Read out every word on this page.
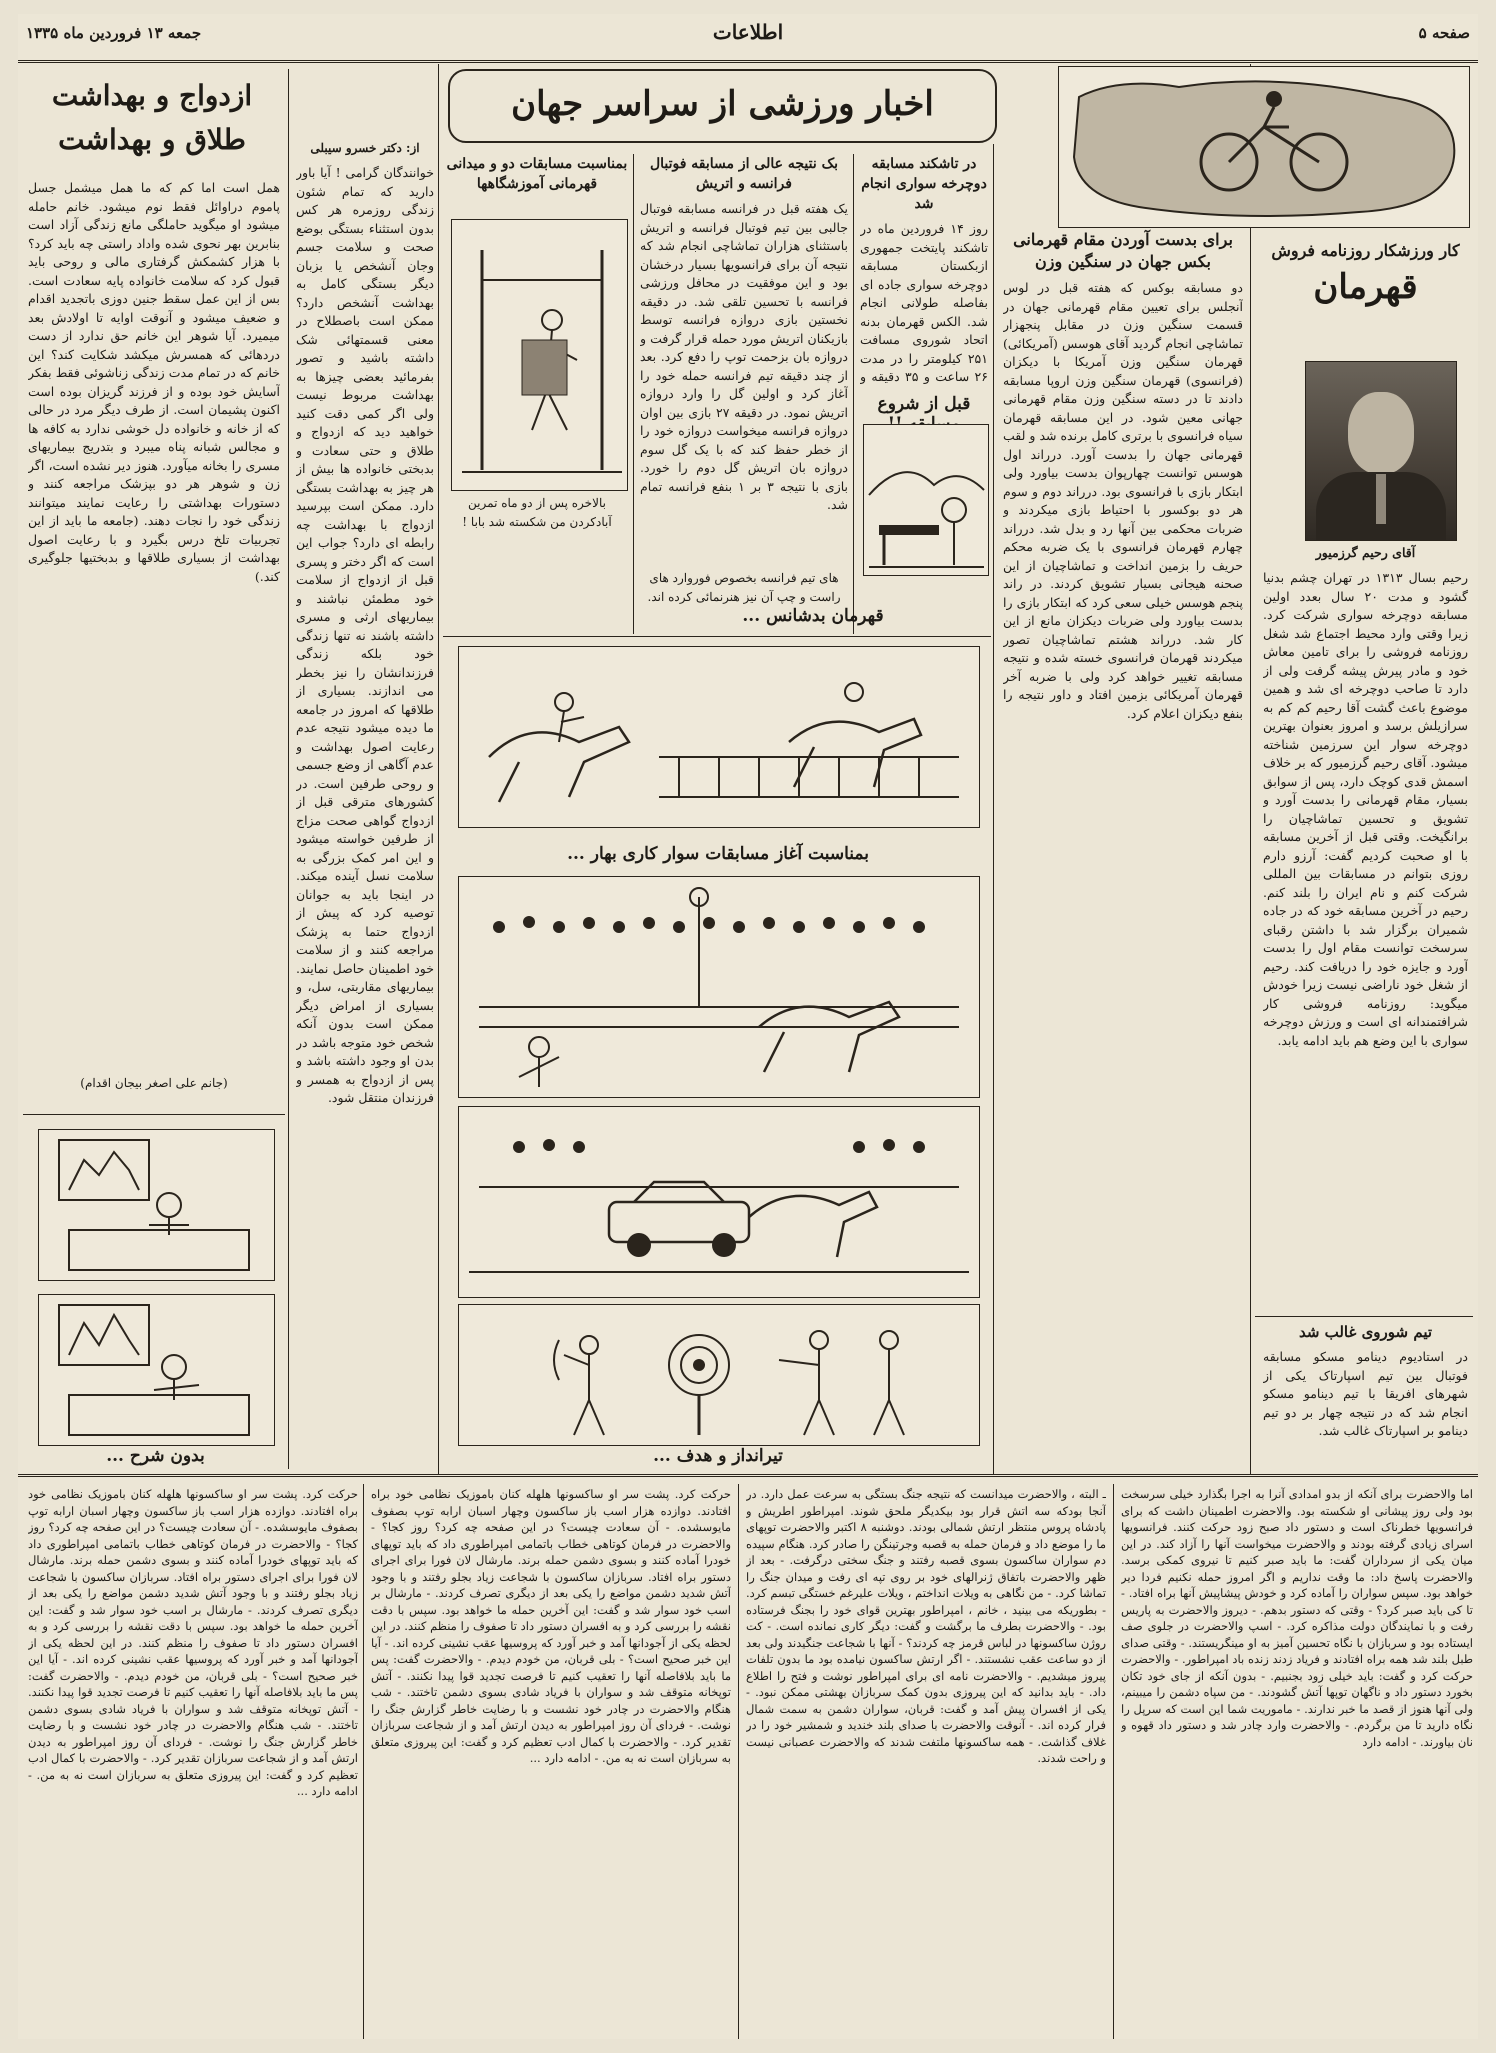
صفحه ۵
اطلاعات
جمعه ۱۳ فروردین ماه ۱۳۳۵
اخبار ورزشی از سراسر جهان
کار ورزشکار روزنامه فروش
قهرمان
آقای رحیم گرزمیور
رحیم بسال ۱۳۱۳ در تهران چشم بدنیا گشود و مدت ۲۰ سال بعدد اولین مسابقه دوچرخه سواری شرکت کرد. زیرا وقتی وارد محیط اجتماع شد شغل روزنامه فروشی را برای تامین معاش خود و مادر پیرش پیشه گرفت ولی از دارد تا صاحب دوچرخه ای شد و همین موضوع باعث گشت آقا رحیم کم کم به سرازیلش برسد و امروز بعنوان بهترین دوچرخه سوار این سرزمین شناخته میشود. آقای رحیم گرزمیور که بر خلاف اسمش قدی کوچک دارد، پس از سوابق بسیار، مقام قهرمانی را بدست آورد و تشویق و تحسین تماشاچیان را برانگیخت. وقتی قبل از آخرین مسابقه با او صحبت کردیم گفت: آرزو دارم روزی بتوانم در مسابقات بین المللی شرکت کنم و نام ایران را بلند کنم. رحیم در آخرین مسابقه خود که در جاده شمیران برگزار شد با داشتن رقبای سرسخت توانست مقام اول را بدست آورد و جایزه خود را دریافت کند. رحیم از شغل خود ناراضی نیست زیرا خودش میگوید: روزنامه فروشی کار شرافتمندانه ای است و ورزش دوچرخه سواری با این وضع هم باید ادامه یابد.
تیم شوروی غالب شد
در استادیوم دینامو مسکو مسابقه فوتبال بین تیم اسپارتاک یکی از شهرهای افریقا با تیم دینامو مسکو انجام شد که در نتیجه چهار بر دو تیم دینامو بر اسپارتاک غالب شد.
برای بدست آوردن مقام قهرمانی بکس جهان در سنگین وزن
دو مسابقه بوکس که هفته قبل در لوس آنجلس برای تعیین مقام قهرمانی جهان در قسمت سنگین وزن در مقابل پنجهزار تماشاچی انجام گردید آقای هوسس (آمریکائی) قهرمان سنگین وزن آمریکا با دیکزان (فرانسوی) قهرمان سنگین وزن اروپا مسابقه دادند تا در دسته سنگین وزن مقام قهرمانی جهانی معین شود. در این مسابقه قهرمان سیاه فرانسوی با برتری کامل برنده شد و لقب قهرمانی جهان را بدست آورد. درراند اول هوسس توانست چهارپوان بدست بیاورد ولی ابتکار بازی با فرانسوی بود. درراند دوم و سوم هر دو بوکسور با احتیاط بازی میکردند و ضربات محکمی بین آنها رد و بدل شد. درراند چهارم قهرمان فرانسوی با یک ضربه محکم حریف را بزمین انداخت و تماشاچیان از این صحنه هیجانی بسیار تشویق کردند. در راند پنجم هوسس خیلی سعی کرد که ابتکار بازی را بدست بیاورد ولی ضربات دیکزان مانع از این کار شد. درراند هشتم تماشاچیان تصور میکردند قهرمان فرانسوی خسته شده و نتیجه مسابقه تغییر خواهد کرد ولی با ضربه آخر قهرمان آمریکائی بزمین افتاد و داور نتیجه را بنفع دیکزان اعلام کرد.
در تاشکند مسابقه دوچرخه سواری انجام شد
روز ۱۴ فروردین ماه در تاشکند پایتخت جمهوری ازبکستان مسابقه دوچرخه سواری جاده ای بفاصله طولانی انجام شد. الکس قهرمان بدنه اتحاد شوروی مسافت ۲۵۱ کیلومتر را در مدت ۲۶ ساعت و ۳۵ دقیقه و
بک نتیجه عالی از مسابقه فوتبال فرانسه و اتریش
یک هفته قبل در فرانسه مسابقه فوتبال جالبی بین تیم فوتبال فرانسه و اتریش باستثنای هزاران تماشاچی انجام شد که نتیجه آن برای فرانسویها بسیار درخشان بود و این موفقیت در محافل ورزشی فرانسه با تحسین تلقی شد. در دقیقه نخستین بازی دروازه فرانسه توسط بازیکنان اتریش مورد حمله قرار گرفت و دروازه بان بزحمت توپ را دفع کرد. بعد از چند دقیقه تیم فرانسه حمله خود را آغاز کرد و اولین گل را وارد دروازه اتریش نمود. در دقیقه ۲۷ بازی بین اوان دروازه فرانسه میخواست دروازه خود را از خطر حفظ کند که با یک گل سوم دروازه بان اتریش گل دوم را خورد. بازی با نتیجه ۳ بر ۱ بنفع فرانسه تمام شد.
بمناسبت مسابقات دو و میدانی قهرمانی آموزشگاهها
بالاخره پس از دو ماه تمرین آبادکردن من شکسته شد بابا !
های تیم فرانسه بخصوص فوروارد های راست و چپ آن نیز هنرنمائی کرده اند.
قبل از شروع
قهرمان بدشانس ...
بمناسبت آغاز مسابقات سوار کاری بهار ...
تیرانداز و هدف ...
از: دکتر خسرو سیبلی
خوانندگان گرامی ! آیا باور دارید که تمام شئون زندگی روزمره هر کس بدون استثناء بستگی بوضع صحت و سلامت جسم وجان آنشخص یا بزبان دیگر بستگی کامل به بهداشت آنشخص دارد؟ ممکن است باصطلاح در معنی قسمتهائی شک داشته باشید و تصور بفرمائید بعضی چیزها به بهداشت مربوط نیست ولی اگر کمی دقت کنید خواهید دید که ازدواج و طلاق و حتی سعادت و بدبختی خانواده ها بیش از هر چیز به بهداشت بستگی دارد. ممکن است بپرسید ازدواج با بهداشت چه رابطه ای دارد؟ جواب این است که اگر دختر و پسری قبل از ازدواج از سلامت خود مطمئن نباشند و بیماریهای ارثی و مسری داشته باشند نه تنها زندگی خود بلکه زندگی فرزندانشان را نیز بخطر می اندازند. بسیاری از طلاقها که امروز در جامعه ما دیده میشود نتیجه عدم رعایت اصول بهداشت و عدم آگاهی از وضع جسمی و روحی طرفین است. در کشورهای مترقی قبل از ازدواج گواهی صحت مزاج از طرفین خواسته میشود و این امر کمک بزرگی به سلامت نسل آینده میکند. در اینجا باید به جوانان توصیه کرد که پیش از ازدواج حتما به پزشک مراجعه کنند و از سلامت خود اطمینان حاصل نمایند. بیماریهای مقاربتی، سل، و بسیاری از امراض دیگر ممکن است بدون آنکه شخص خود متوجه باشد در بدن او وجود داشته باشد و پس از ازدواج به همسر و فرزندان منتقل شود.
ازدواج و بهداشت
طلاق و بهداشت
همل است اما کم که ما همل میشمل جسل پاموم دراوائل فقط نوم میشود. خانم حامله میشود او میگوید حاملگی مانع زندگی آزاد است بنابرین بهر نحوی شده واداد راستی چه باید کرد؟ با هزار کشمکش گرفتاری مالی و روحی باید قبول کرد که سلامت خانواده پایه سعادت است. بس از این عمل سقط جنین دوزی باتجدید اقدام و ضعیف میشود و آنوقت اوایه تا اولادش بعد میمیرد. آیا شوهر این خانم حق ندارد از دست دردهائی که همسرش میکشد شکایت کند؟ این خانم که در تمام مدت زندگی زناشوئی فقط بفکر آسایش خود بوده و از فرزند گریزان بوده است اکنون پشیمان است. از طرف دیگر مرد در حالی که از خانه و خانواده دل خوشی ندارد به کافه ها و مجالس شبانه پناه میبرد و بتدریج بیماریهای مسری را بخانه میآورد. هنوز دیر نشده است، اگر زن و شوهر هر دو بپزشک مراجعه کنند و دستورات بهداشتی را رعایت نمایند میتوانند زندگی خود را نجات دهند. (جامعه ما باید از این تجربیات تلخ درس بگیرد و با رعایت اصول بهداشت از بسیاری طلاقها و بدبختیها جلوگیری کند.)
(جانم علی اصغر بیجان اقدام)
بدون شرح ...
اما والاحضرت برای آنکه از بدو امدادی آنرا به اجرا بگذارد خیلی سرسخت بود ولی روز پیشانی او شکسته بود. والاحضرت اطمینان داشت که برای فرانسویها خطرناک است و دستور داد صبح زود حرکت کنند. فرانسویها اسرای زیادی گرفته بودند و والاحضرت میخواست آنها را آزاد کند. در این میان یکی از سرداران گفت: ما باید صبر کنیم تا نیروی کمکی برسد. والاحضرت پاسخ داد: ما وقت نداریم و اگر امروز حمله نکنیم فردا دیر خواهد بود. سپس سواران را آماده کرد و خودش پیشاپیش آنها براه افتاد. - تا کی باید صبر کرد؟ - وقتی که دستور بدهم. - دیروز والاحضرت به پاریس رفت و با نمایندگان دولت مذاکره کرد. - اسپ والاحضرت در جلوی صف ایستاده بود و سربازان با نگاه تحسین آمیز به او مینگریستند. - وقتی صدای طبل بلند شد همه براه افتادند و فریاد زدند زنده باد امپراطور. - والاحضرت حرکت کرد و گفت: باید خیلی زود بجنبیم. - بدون آنکه از جای خود تکان بخورد دستور داد و ناگهان توپها آتش گشودند. - من سپاه دشمن را میبینم، ولی آنها هنوز از قصد ما خبر ندارند. - ماموریت شما این است که سرپل را نگاه دارید تا من برگردم. - والاحضرت وارد چادر شد و دستور داد قهوه و نان بیاورند. - ادامه دارد
ـ البته ، والاحضرت میدانست که نتیجه جنگ بستگی به سرعت عمل دارد. در آنجا بودکه سه اتش قرار بود بیکدیگر ملحق شوند. امپراطور اطریش و پادشاه پروس منتظر ارتش شمالی بودند. دوشنبه ۸ اکتبر والاحضرت توپهای ما را موضع داد و فرمان حمله به قصبه وجرتینگن را صادر کرد. هنگام سپیده دم سواران ساکسون بسوی قصبه رفتند و جنگ سختی درگرفت. - بعد از ظهر والاحضرت باتفاق ژنرالهای خود بر روی تپه ای رفت و میدان جنگ را تماشا کرد. - من نگاهی به ویلات انداختم ، ویلات علیرغم خستگی تبسم کرد. - بطوریکه می بینید ، خانم ، امپراطور بهترین قوای خود را بجنگ فرستاده بود. - والاحضرت بطرف ما برگشت و گفت: دیگر کاری نمانده است. - کت روژن ساکسونها در لباس قرمز چه کردند؟ - آنها با شجاعت جنگیدند ولی بعد از دو ساعت عقب نشستند. - اگر ارتش ساکسون نیامده بود ما بدون تلفات پیروز میشدیم. - والاحضرت نامه ای برای امپراطور نوشت و فتح را اطلاع داد. - باید بدانید که این پیروزی بدون کمک سربازان بهشتی ممکن نبود. - یکی از افسران پیش آمد و گفت: قربان، سواران دشمن به سمت شمال فرار کرده اند. - آنوقت والاحضرت با صدای بلند خندید و شمشیر خود را در غلاف گذاشت. - همه ساکسونها ملتفت شدند که والاحضرت عصبانی نیست و راحت شدند.
حرکت کرد. پشت سر او ساکسونها هلهله کنان باموزیک نظامی خود براه افتادند. دوازده هزار اسب باز ساکسون وچهار اسبان ارابه توپ بصفوف مایوسشده. - آن سعادت چیست؟ در این صفحه چه کرد؟ روز کجا؟ - والاحضرت در فرمان کوتاهی خطاب باتمامی امپراطوری داد که باید توپهای خودرا آماده کنند و بسوی دشمن حمله برند. مارشال لان فورا برای اجرای دستور براه افتاد. سربازان ساکسون با شجاعت زیاد بجلو رفتند و با وجود آتش شدید دشمن مواضع را یکی بعد از دیگری تصرف کردند. - مارشال بر اسب خود سوار شد و گفت: این آخرین حمله ما خواهد بود. سپس با دقت نقشه را بررسی کرد و به افسران دستور داد تا صفوف را منظم کنند. در این لحظه یکی از آجودانها آمد و خبر آورد که پروسیها عقب نشینی کرده اند. - آیا این خبر صحیح است؟ - بلی قربان، من خودم دیدم. - والاحضرت گفت: پس ما باید بلافاصله آنها را تعقیب کنیم تا فرصت تجدید قوا پیدا نکنند. - آتش توپخانه متوقف شد و سواران با فریاد شادی بسوی دشمن تاختند. - شب هنگام والاحضرت در چادر خود نشست و با رضایت خاطر گزارش جنگ را نوشت. - فردای آن روز امپراطور به دیدن ارتش آمد و از شجاعت سربازان تقدیر کرد. - والاحضرت با کمال ادب تعظیم کرد و گفت: این پیروزی متعلق به سربازان است نه به من. - ادامه دارد ...
حرکت کرد. پشت سر او ساکسونها هلهله کنان باموزیک نظامی خود براه افتادند. دوازده هزار اسب باز ساکسون وچهار اسبان ارابه توپ بصفوف مایوسشده. - آن سعادت چیست؟ در این صفحه چه کرد؟ روز کجا؟ - والاحضرت در فرمان کوتاهی خطاب باتمامی امپراطوری داد که باید توپهای خودرا آماده کنند و بسوی دشمن حمله برند. مارشال لان فورا برای اجرای دستور براه افتاد. سربازان ساکسون با شجاعت زیاد بجلو رفتند و با وجود آتش شدید دشمن مواضع را یکی بعد از دیگری تصرف کردند. - مارشال بر اسب خود سوار شد و گفت: این آخرین حمله ما خواهد بود. سپس با دقت نقشه را بررسی کرد و به افسران دستور داد تا صفوف را منظم کنند. در این لحظه یکی از آجودانها آمد و خبر آورد که پروسیها عقب نشینی کرده اند. - آیا این خبر صحیح است؟ - بلی قربان، من خودم دیدم. - والاحضرت گفت: پس ما باید بلافاصله آنها را تعقیب کنیم تا فرصت تجدید قوا پیدا نکنند. - آتش توپخانه متوقف شد و سواران با فریاد شادی بسوی دشمن تاختند. - شب هنگام والاحضرت در چادر خود نشست و با رضایت خاطر گزارش جنگ را نوشت. - فردای آن روز امپراطور به دیدن ارتش آمد و از شجاعت سربازان تقدیر کرد. - والاحضرت با کمال ادب تعظیم کرد و گفت: این پیروزی متعلق به سربازان است نه به من. - ادامه دارد ...
